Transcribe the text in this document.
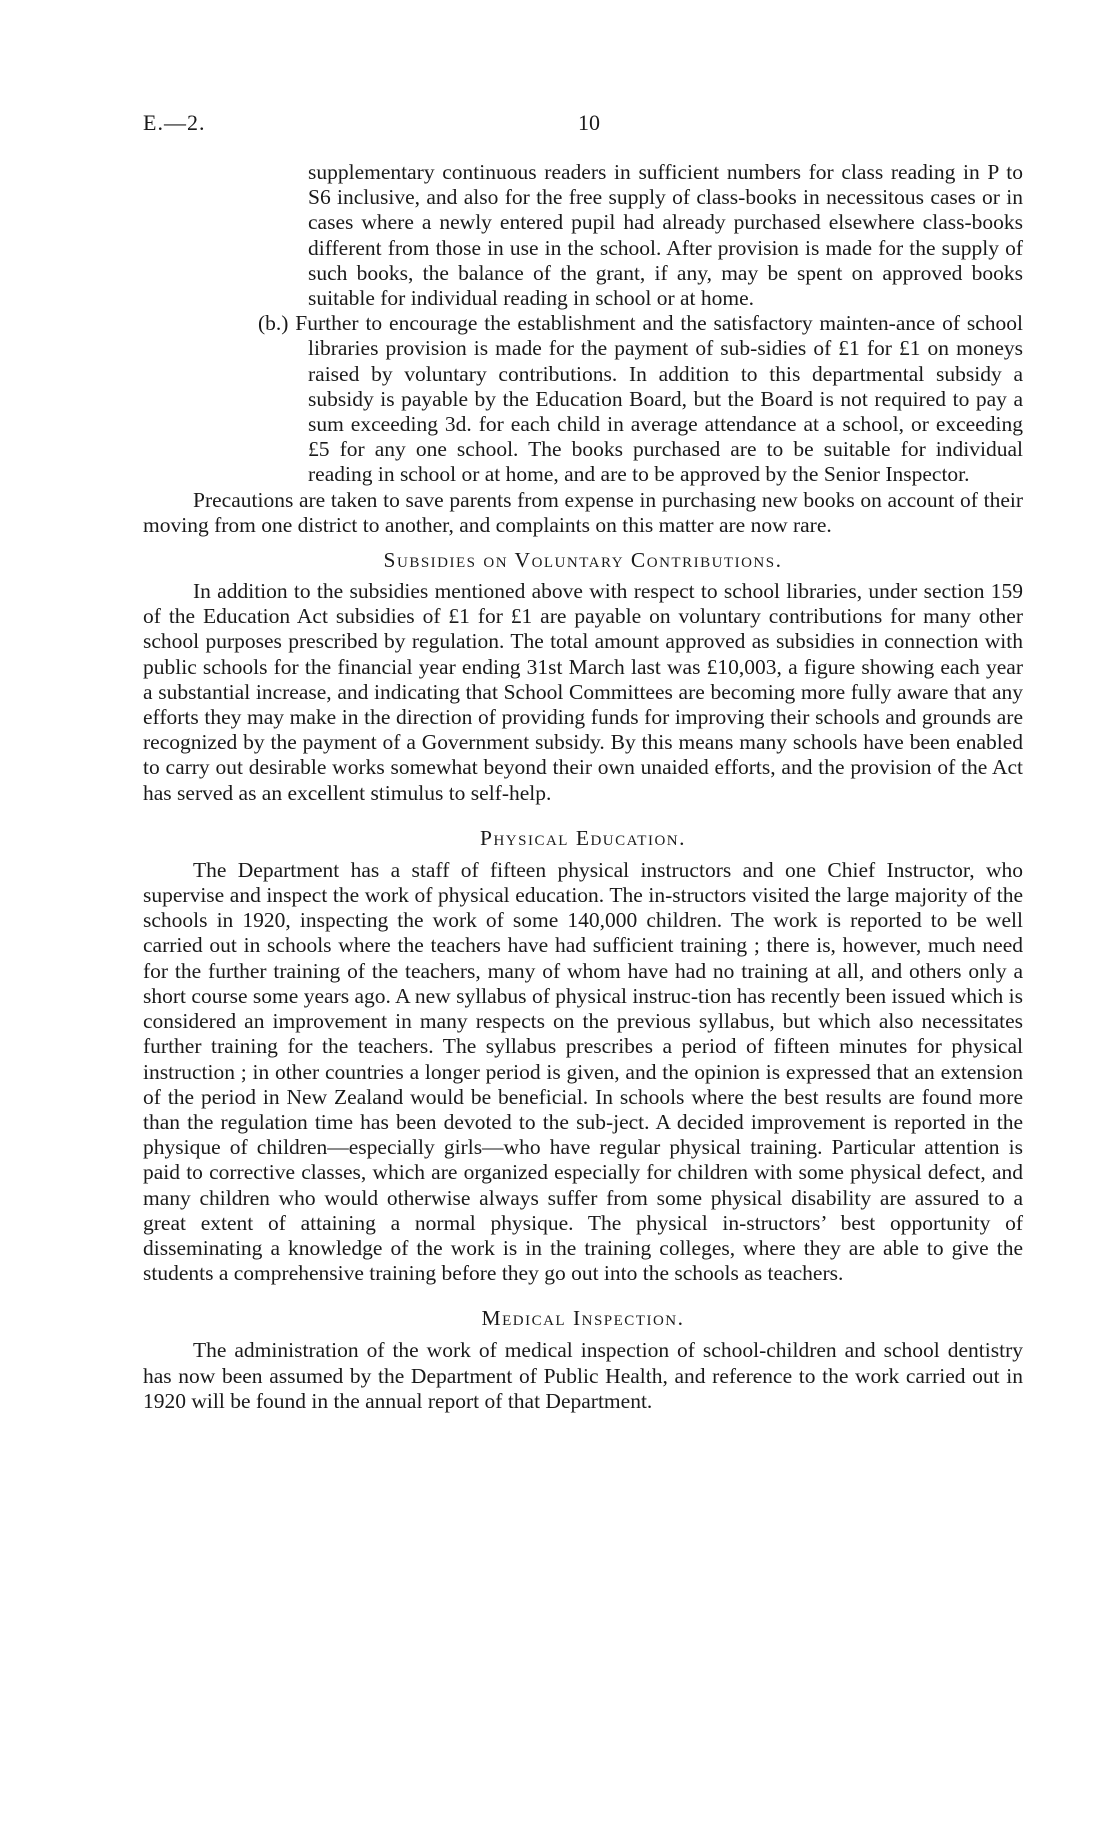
E.—2.	10

supplementary continuous readers in sufficient numbers for class reading in P to S6 inclusive, and also for the free supply of class-books in necessitous cases or in cases where a newly entered pupil had already purchased elsewhere class-books different from those in use in the school. After provision is made for the supply of such books, the balance of the grant, if any, may be spent on approved books suitable for individual reading in school or at home.

(b.) Further to encourage the establishment and the satisfactory mainten-ance of school libraries provision is made for the payment of sub-sidies of £1 for £1 on moneys raised by voluntary contributions. In addition to this departmental subsidy a subsidy is payable by the Education Board, but the Board is not required to pay a sum exceeding 3d. for each child in average attendance at a school, or exceeding £5 for any one school. The books purchased are to be suitable for individual reading in school or at home, and are to be approved by the Senior Inspector.

Precautions are taken to save parents from expense in purchasing new books on account of their moving from one district to another, and complaints on this matter are now rare.

Subsidies on Voluntary Contributions.

In addition to the subsidies mentioned above with respect to school libraries, under section 159 of the Education Act subsidies of £1 for £1 are payable on voluntary contributions for many other school purposes prescribed by regulation. The total amount approved as subsidies in connection with public schools for the financial year ending 31st March last was £10,003, a figure showing each year a substantial increase, and indicating that School Committees are becoming more fully aware that any efforts they may make in the direction of providing funds for improving their schools and grounds are recognized by the payment of a Government subsidy. By this means many schools have been enabled to carry out desirable works somewhat beyond their own unaided efforts, and the provision of the Act has served as an excellent stimulus to self-help.

Physical Education.

The Department has a staff of fifteen physical instructors and one Chief Instructor, who supervise and inspect the work of physical education. The in-structors visited the large majority of the schools in 1920, inspecting the work of some 140,000 children. The work is reported to be well carried out in schools where the teachers have had sufficient training ; there is, however, much need for the further training of the teachers, many of whom have had no training at all, and others only a short course some years ago. A new syllabus of physical instruc-tion has recently been issued which is considered an improvement in many respects on the previous syllabus, but which also necessitates further training for the teachers. The syllabus prescribes a period of fifteen minutes for physical instruction ; in other countries a longer period is given, and the opinion is expressed that an extension of the period in New Zealand would be beneficial. In schools where the best results are found more than the regulation time has been devoted to the sub-ject. A decided improvement is reported in the physique of children—especially girls—who have regular physical training. Particular attention is paid to corrective classes, which are organized especially for children with some physical defect, and many children who would otherwise always suffer from some physical disability are assured to a great extent of attaining a normal physique. The physical in-structors’ best opportunity of disseminating a knowledge of the work is in the training colleges, where they are able to give the students a comprehensive training before they go out into the schools as teachers.

Medical Inspection.

The administration of the work of medical inspection of school-children and school dentistry has now been assumed by the Department of Public Health, and reference to the work carried out in 1920 will be found in the annual report of that Department.
